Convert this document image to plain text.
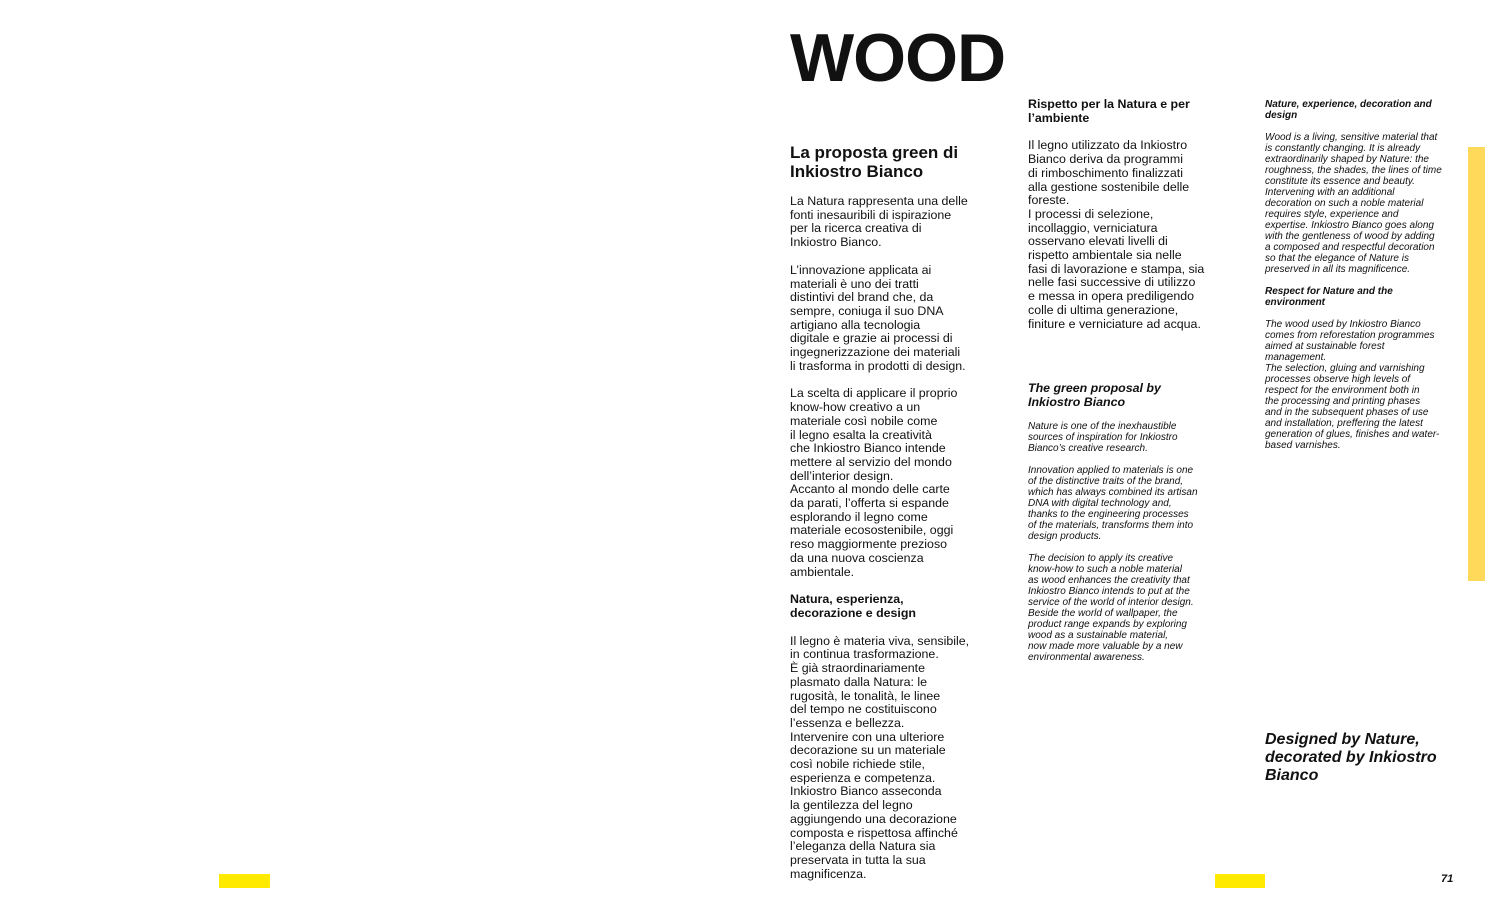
WOOD
La proposta green di Inkiostro Bianco

La Natura rappresenta una delle
fonti inesauribili di ispirazione
per la ricerca creativa di
Inkiostro Bianco.

L’innovazione applicata ai
materiali è uno dei tratti
distintivi del brand che, da
sempre, coniuga il suo DNA
artigiano alla tecnologia
digitale e grazie ai processi di
ingegnerizzazione dei materiali
li trasforma in prodotti di design.

La scelta di applicare il proprio
know-how creativo a un
materiale così nobile come
il legno esalta la creatività
che Inkiostro Bianco intende
mettere al servizio del mondo
dell’interior design.
Accanto al mondo delle carte
da parati, l’offerta si espande
esplorando il legno come
materiale ecosostenibile, oggi
reso maggiormente prezioso
da una nuova coscienza
ambientale.

Natura, esperienza,
decorazione e design

Il legno è materia viva, sensibile,
in continua trasformazione.
È già straordinariamente
plasmato dalla Natura: le
rugosità, le tonalità, le linee
del tempo ne costituiscono
l’essenza e bellezza.
Intervenire con una ulteriore
decorazione su un materiale
così nobile richiede stile,
esperienza e competenza.
Inkiostro Bianco asseconda
la gentilezza del legno
aggiungendo una decorazione
composta e rispettosa affinché
l’eleganza della Natura sia
preservata in tutta la sua
magnificenza.

Rispetto per la Natura e per
l’ambiente

Il legno utilizzato da Inkiostro
Bianco deriva da programmi
di rimboschimento finalizzati
alla gestione sostenibile delle
foreste.
I processi di selezione,
incollaggio, verniciatura
osservano elevati livelli di
rispetto ambientale sia nelle
fasi di lavorazione e stampa, sia
nelle fasi successive di utilizzo
e messa in opera prediligendo
colle di ultima generazione,
finiture e verniciature ad acqua.

The green proposal by
Inkiostro Bianco

Nature is one of the inexhaustible
sources of inspiration for Inkiostro
Bianco’s creative research.

Innovation applied to materials is one
of the distinctive traits of the brand,
which has always combined its artisan
DNA with digital technology and,
thanks to the engineering processes
of the materials, transforms them into
design products.

The decision to apply its creative
know-how to such a noble material
as wood enhances the creativity that
Inkiostro Bianco intends to put at the
service of the world of interior design.
Beside the world of wallpaper, the
product range expands by exploring
wood as a sustainable material,
now made more valuable by a new
environmental awareness.

Nature, experience, decoration and
design

Wood is a living, sensitive material that
is constantly changing. It is already
extraordinarily shaped by Nature: the
roughness, the shades, the lines of time
constitute its essence and beauty.
Intervening with an additional
decoration on such a noble material
requires style, experience and
expertise. Inkiostro Bianco goes along
with the gentleness of wood by adding
a composed and respectful decoration
so that the elegance of Nature is
preserved in all its magnificence.

Respect for Nature and the
environment

The wood used by Inkiostro Bianco
comes from reforestation programmes
aimed at sustainable forest
management.
The selection, gluing and varnishing
processes observe high levels of
respect for the environment both in
the processing and printing phases
and in the subsequent phases of use
and installation, preffering the latest
generation of glues, finishes and water-
based varnishes.

Designed by Nature, decorated by Inkiostro Bianco
71
